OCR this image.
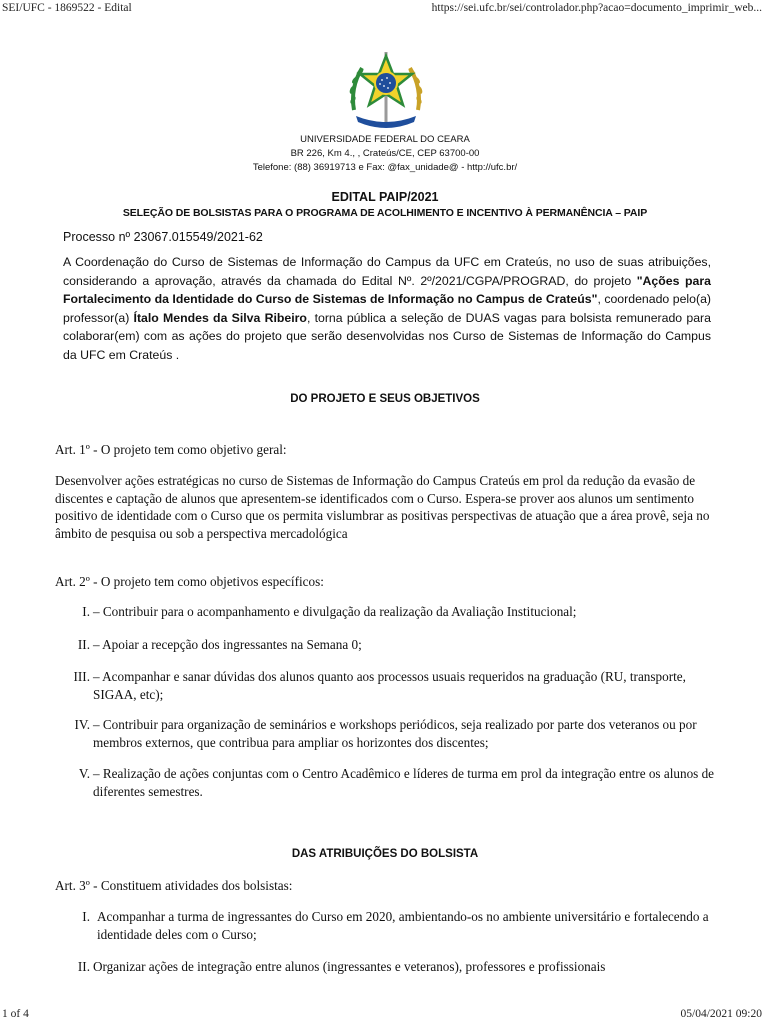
SEI/UFC - 1869522 - Edital	https://sei.ufc.br/sei/controlador.php?acao=documento_imprimir_web...
UNIVERSIDADE FEDERAL DO CEARA
BR 226, Km 4., , Crateús/CE, CEP 63700-00
Telefone: (88) 36919713 e Fax: @fax_unidade@ - http://ufc.br/
EDITAL PAIP/2021
SELEÇÃO DE BOLSISTAS PARA O PROGRAMA DE ACOLHIMENTO E INCENTIVO À PERMANÊNCIA – PAIP
Processo nº 23067.015549/2021-62
A Coordenação do Curso de Sistemas de Informação do Campus da UFC em Crateús, no uso de suas atribuições, considerando a aprovação, através da chamada do Edital Nº. 2º/2021/CGPA/PROGRAD, do projeto "Ações para Fortalecimento da Identidade do Curso de Sistemas de Informação no Campus de Crateús", coordenado pelo(a) professor(a) Ítalo Mendes da Silva Ribeiro, torna pública a seleção de DUAS vagas para bolsista remunerado para colaborar(em) com as ações do projeto que serão desenvolvidas nos Curso de Sistemas de Informação do Campus da UFC em Crateús .
DO PROJETO E SEUS OBJETIVOS
Art. 1º - O projeto tem como objetivo geral:
Desenvolver ações estratégicas no curso de Sistemas de Informação do Campus Crateús em prol da redução da evasão de discentes e captação de alunos que apresentem-se identificados com o Curso. Espera-se prover aos alunos um sentimento positivo de identidade com o Curso que os permita vislumbrar as positivas perspectivas de atuação que a área provê, seja no âmbito de pesquisa ou sob a perspectiva mercadológica
Art. 2º - O projeto tem como objetivos específicos:
I. – Contribuir para o acompanhamento e divulgação da realização da Avaliação Institucional;
II. – Apoiar a recepção dos ingressantes na Semana 0;
III. – Acompanhar e sanar dúvidas dos alunos quanto aos processos usuais requeridos na graduação (RU, transporte, SIGAA, etc);
IV. – Contribuir para organização de seminários e workshops periódicos, seja realizado por parte dos veteranos ou por membros externos, que contribua para ampliar os horizontes dos discentes;
V. – Realização de ações conjuntas com o Centro Acadêmico e líderes de turma em prol da integração entre os alunos de diferentes semestres.
DAS ATRIBUIÇÕES DO BOLSISTA
Art. 3º - Constituem atividades dos bolsistas:
I. Acompanhar a turma de ingressantes do Curso em 2020, ambientando-os no ambiente universitário e fortalecendo a identidade deles com o Curso;
II. Organizar ações de integração entre alunos (ingressantes e veteranos), professores e profissionais
1 of 4	05/04/2021 09:20
